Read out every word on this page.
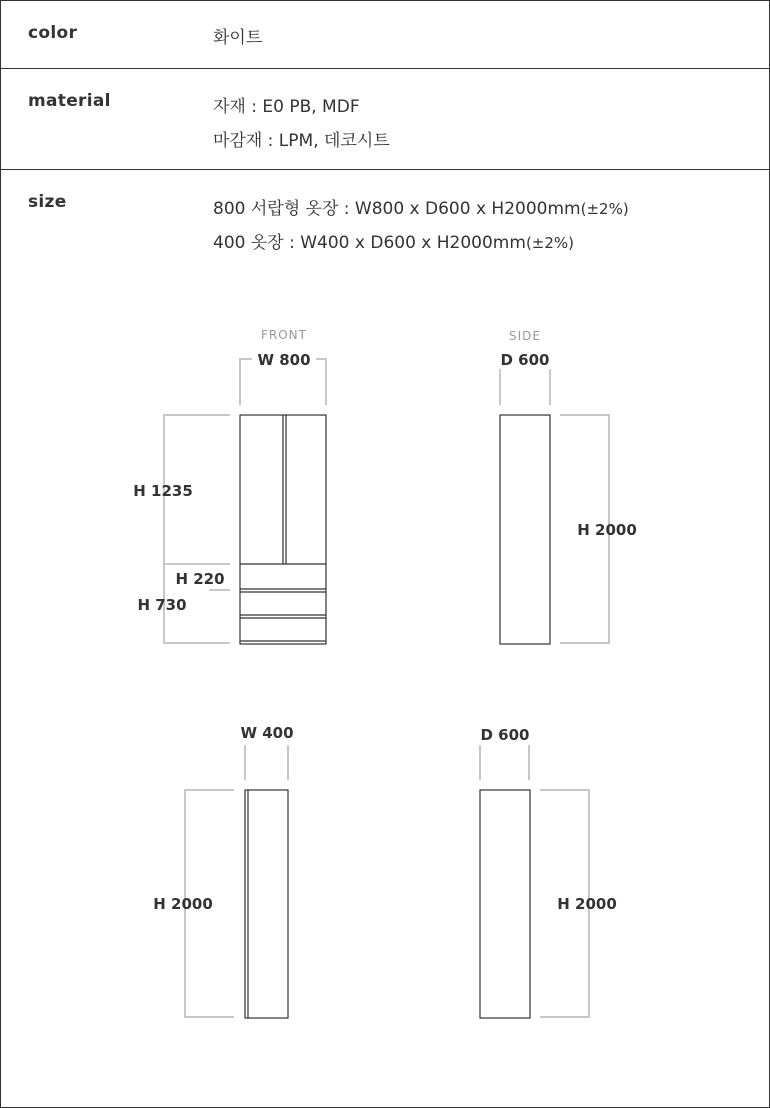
color	화이트
material	자재 : E0 PB, MDF
마감재 : LPM, 데코시트
size	800 서랍형 옷장 : W800 x D600 x H2000mm(±2%)
400 옷장 : W400 x D600 x H2000mm(±2%)
FRONT
W 800
H 1235
H 220
H 730
SIDE
D 600
H 2000
W 400
H 2000
D 600
H 2000
